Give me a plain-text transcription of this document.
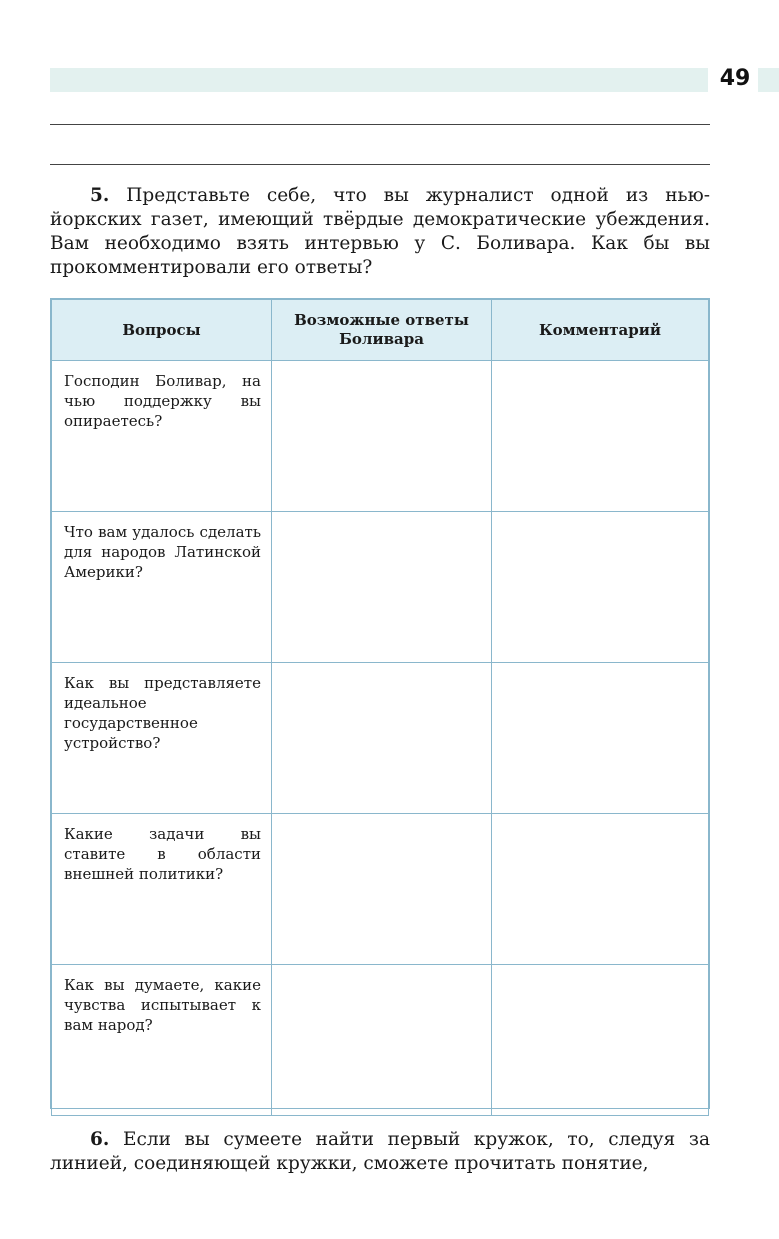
49

5. Представьте себе, что вы журналист одной из нью-йоркских газет, имеющий твёрдые демократические убеждения. Вам необходимо взять интервью у С. Боливара. Как бы вы прокомментировали его ответы?

Вопросы	Возможные ответы Боливара	Комментарий

Господин Боливар, на чью поддержку вы опираетесь?		

Что вам удалось сделать для народов Латинской Америки?		

Как вы представляете идеальное государственное устройство?		

Какие задачи вы ставите в области внешней политики?		

Как вы думаете, какие чувства испытывает к вам народ?		

6. Если вы сумеете найти первый кружок, то, следуя за линией, соединяющей кружки, сможете прочитать понятие,
